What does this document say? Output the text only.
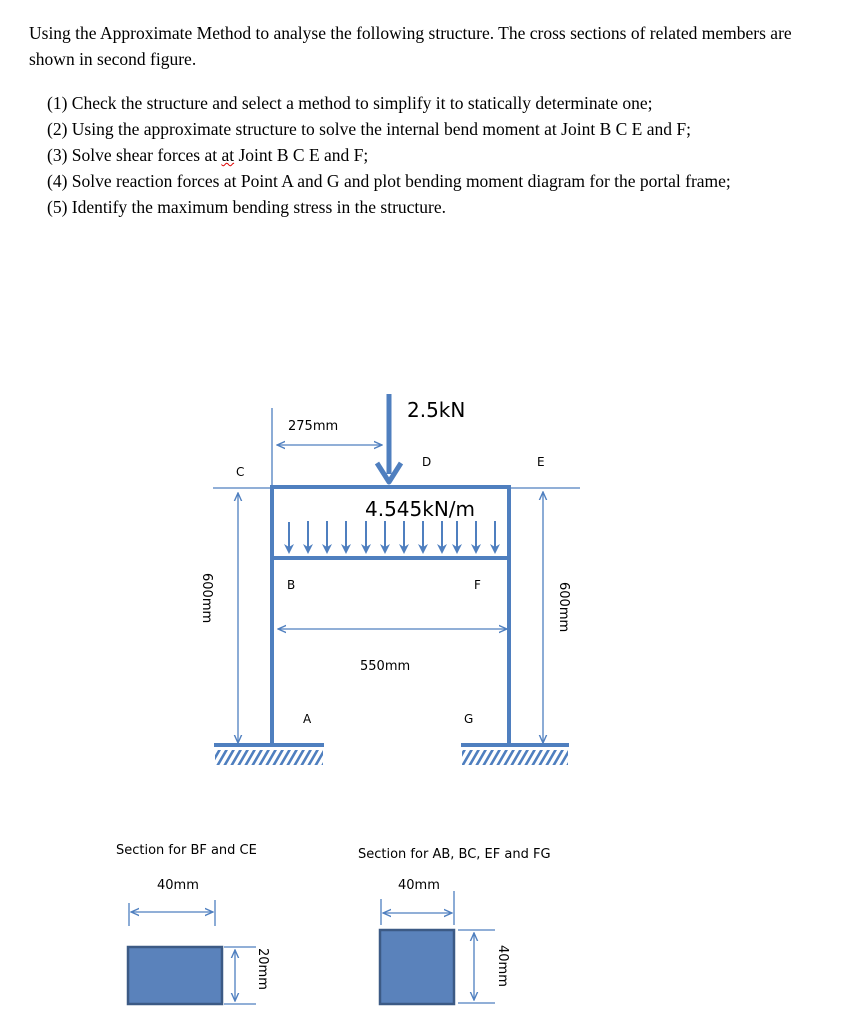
Using the Approximate Method to analyse the following structure. The cross sections of related members are shown in second figure.
(1) Check the structure and select a method to simplify it to statically determinate one;
(2) Using the approximate structure to solve the internal bend moment at Joint B C E and F;
(3) Solve shear forces at at Joint B C E and F;
(4) Solve reaction forces at Point A and G and plot bending moment diagram for the portal frame;
(5) Identify the maximum bending stress in the structure.
2.5kN
4.545kN/m
275mm
550mm
600mm	600mm
C
D	E
B	F
A	G
Section for BF and CE
40mm
20mm
Section for AB, BC, EF and FG
40mm
40mm
